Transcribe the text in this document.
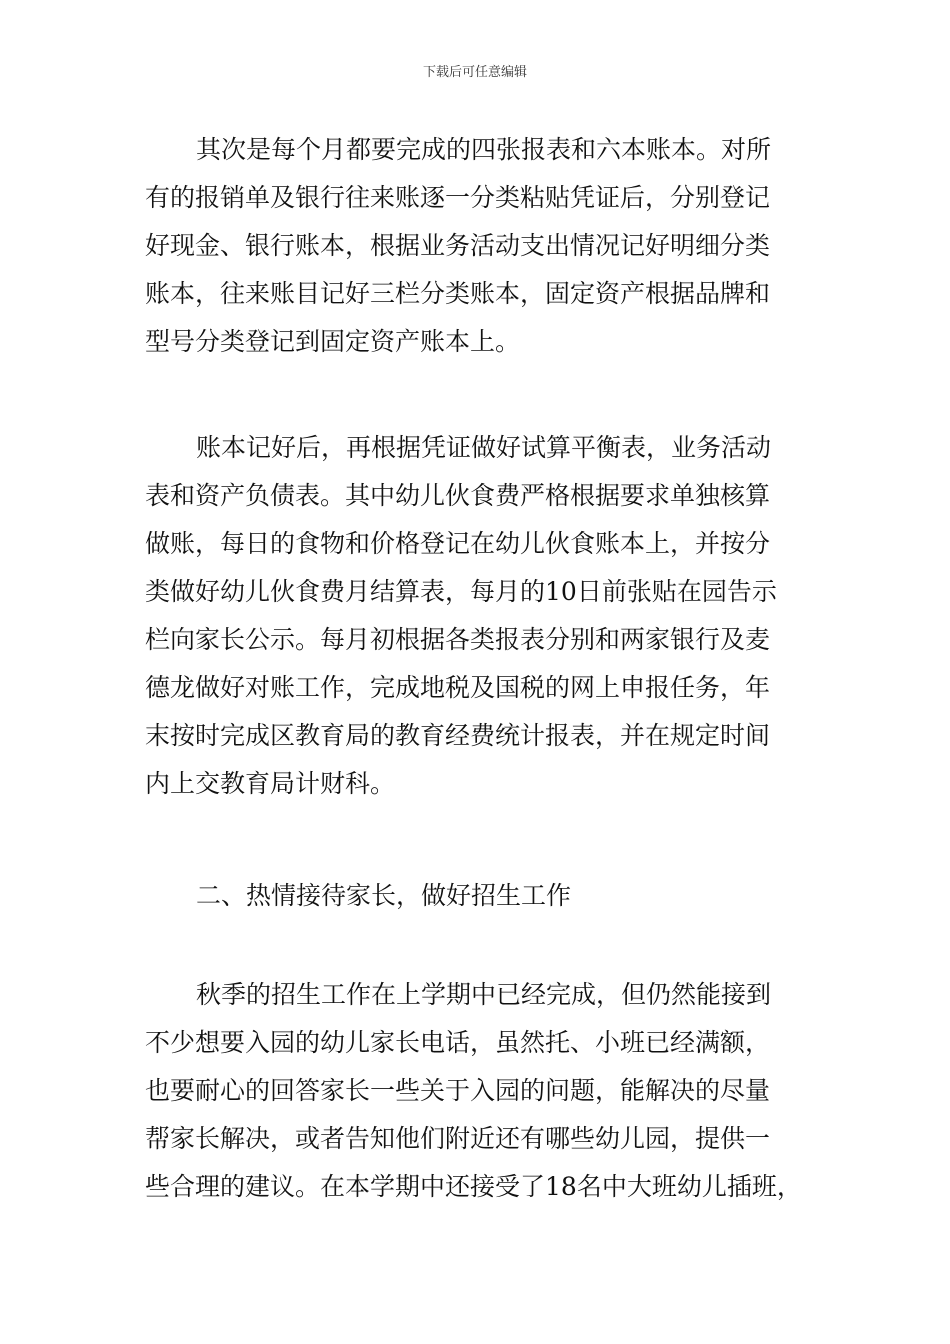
下载后可任意编辑
其次是每个月都要完成的四张报表和六本账本。对所
有的报销单及银行往来账逐一分类粘贴凭证后，分别登记
好现金、银行账本，根据业务活动支出情况记好明细分类
账本，往来账目记好三栏分类账本，固定资产根据品牌和
型号分类登记到固定资产账本上。
账本记好后，再根据凭证做好试算平衡表，业务活动
表和资产负债表。其中幼儿伙食费严格根据要求单独核算
做账，每日的食物和价格登记在幼儿伙食账本上，并按分
类做好幼儿伙食费月结算表，每月的10日前张贴在园告示
栏向家长公示。每月初根据各类报表分别和两家银行及麦
德龙做好对账工作，完成地税及国税的网上申报任务，年
末按时完成区教育局的教育经费统计报表，并在规定时间
内上交教育局计财科。
二、热情接待家长，做好招生工作
秋季的招生工作在上学期中已经完成，但仍然能接到
不少想要入园的幼儿家长电话，虽然托、小班已经满额，
也要耐心的回答家长一些关于入园的问题，能解决的尽量
帮家长解决，或者告知他们附近还有哪些幼儿园，提供一
些合理的建议。在本学期中还接受了18名中大班幼儿插班，
